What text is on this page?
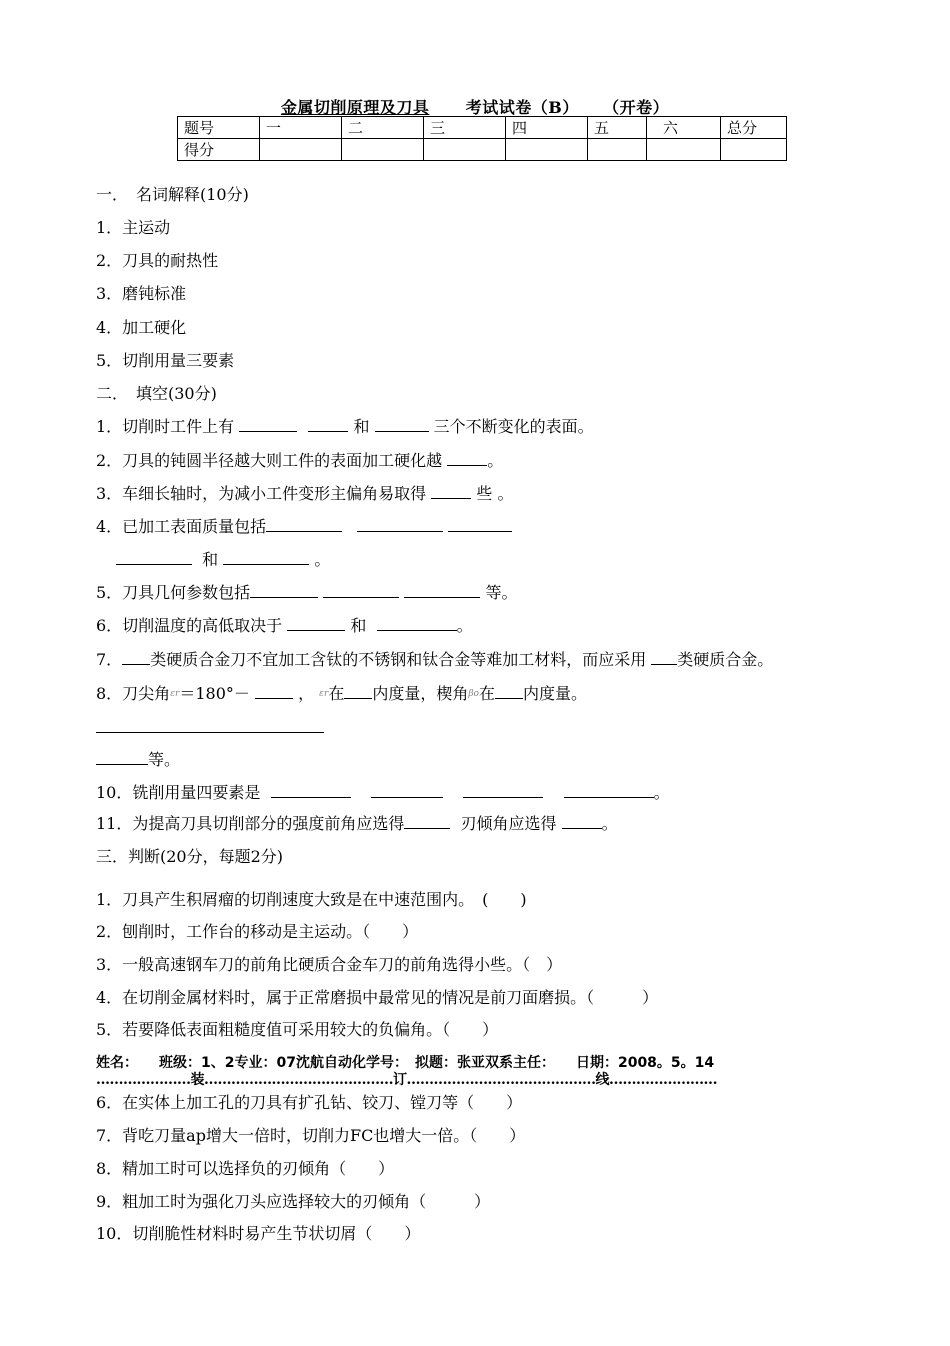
金属切削原理及刀具 考试试卷（B） （开卷）
题号	一	二	三	四	五	六	总分
得分							
一．　名词解释(10分)
1．主运动
2．刀具的耐热性
3．磨钝标准
4．加工硬化
5．切削用量三要素
二．　填空(30分)
1．切削时工件上有	和	三个不断变化的表面。
2．刀具的钝圆半径越大则工件的表面加工硬化越	。
3．车细长轴时，为减小工件变形主偏角易取得	些 。
4．已加工表面质量包括
和	。
5．刀具几何参数包括	等。
6．切削温度的高低取决于	和	。
7． 类硬质合金刀不宜加工含钛的不锈钢和钛合金等难加工材料，而应采用 类硬质合金。
8．刀尖角$^{\varepsilon r}$＝180°－	， $^{\varepsilon r}$在 内度量，楔角$^{\beta o}$在 内度量。
等。
10．铣削用量四要素是	。
11．为提高刀具切削部分的强度前角应选得	刃倾角应选得	。
三．判断(20分，每题2分)
1．刀具产生积屑瘤的切削速度大致是在中速范围内。　(　　)
2．刨削时，工作台的移动是主运动。（　　）
3．一般高速钢车刀的前角比硬质合金车刀的前角选得小些。（　）
4．在切削金属材料时，属于正常磨损中最常见的情况是前刀面磨损。（　　　）
5．若要降低表面粗糙度值可采用较大的负偏角。（　　）
姓名：　　班级：1、2专业：07沈航自动化学号：　拟题：张亚双系主任：　　日期：2008。5。14
…………………装……………………………………订……………………………………线……………………
6．在实体上加工孔的刀具有扩孔钻、铰刀、镗刀等（　　）
7．背吃刀量ap增大一倍时，切削力FC也增大一倍。（　　）
8．精加工时可以选择负的刃倾角（　　）
9．粗加工时为强化刀头应选择较大的刃倾角（　　　）
10．切削脆性材料时易产生节状切屑（　　）
